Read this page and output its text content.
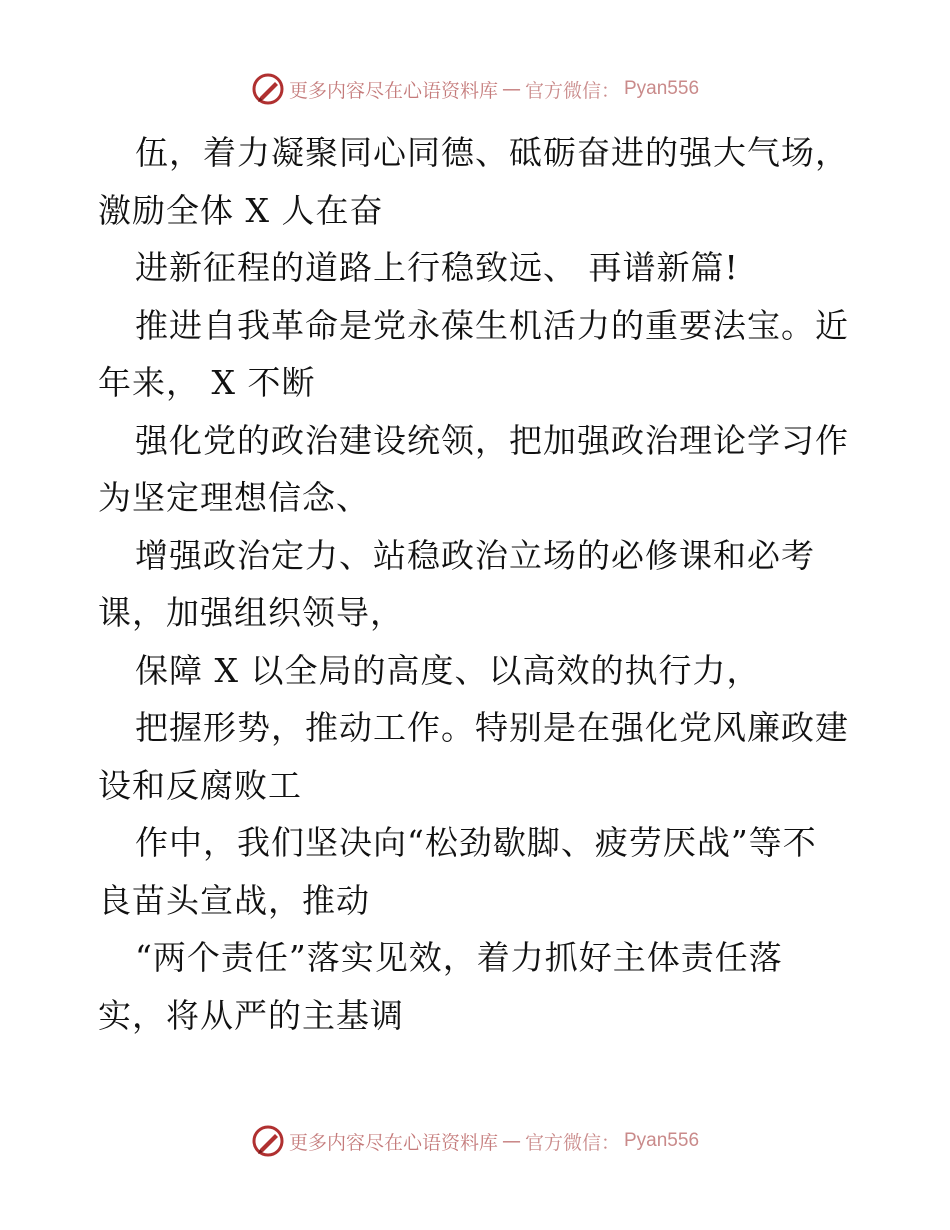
更多内容尽在心语资料库 — 官方微信： Pyan556
伍，着力凝聚同心同德、砥砺奋进的强大气场，
激励全体 X 人在奋
进新征程的道路上行稳致远、 再谱新篇!
推进自我革命是党永葆生机活力的重要法宝。近
年来， X 不断
强化党的政治建设统领，把加强政治理论学习作
为坚定理想信念、
增强政治定力、站稳政治立场的必修课和必考
课，加强组织领导，
保障 X 以全局的高度、以高效的执行力，
把握形势，推动工作。特别是在强化党风廉政建
设和反腐败工
作中，我们坚决向“松劲歇脚、疲劳厌战”等不
良苗头宣战，推动
“两个责任”落实见效，着力抓好主体责任落
实，将从严的主基调
更多内容尽在心语资料库 — 官方微信： Pyan556
